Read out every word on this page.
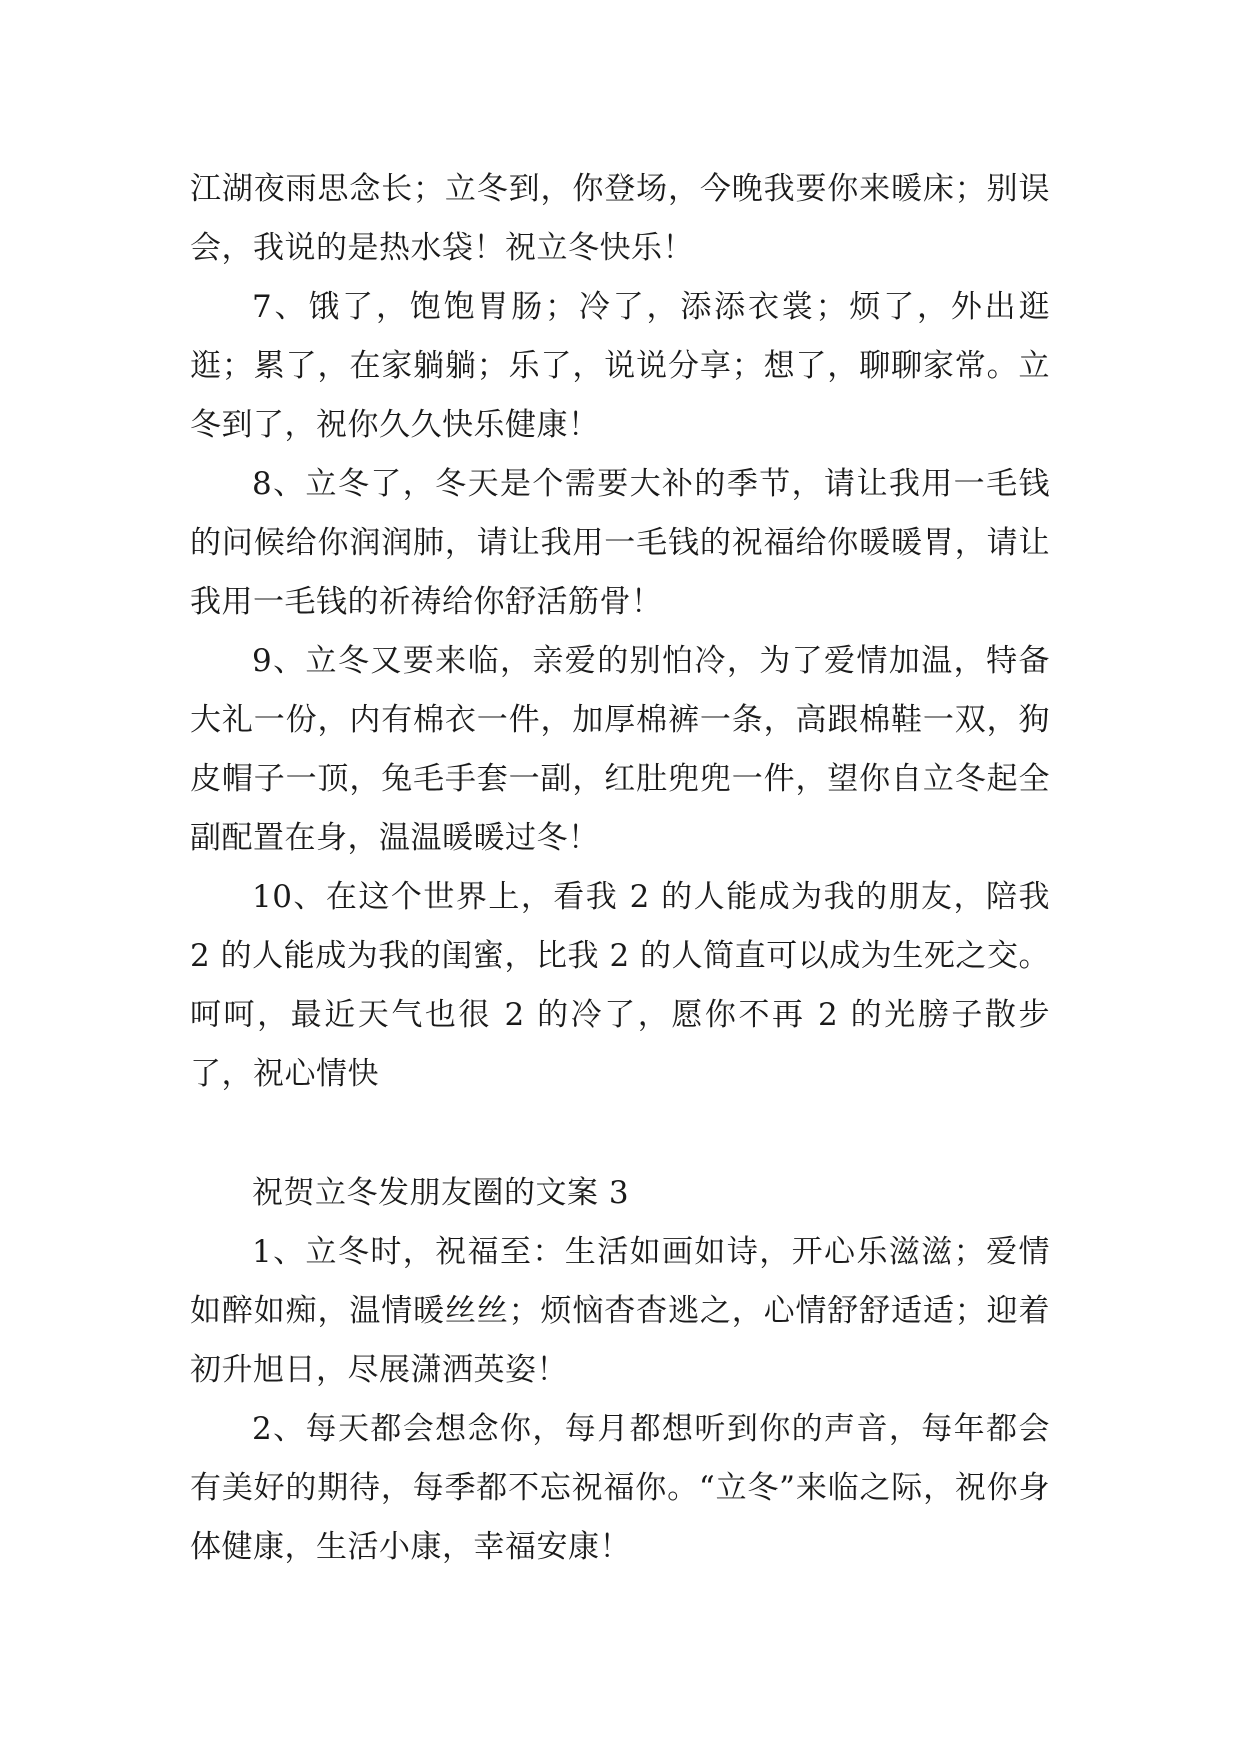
江湖夜雨思念长；立冬到，你登场，今晚我要你来暖床；别误会，我说的是热水袋！祝立冬快乐！

7、饿了，饱饱胃肠；冷了，添添衣裳；烦了，外出逛逛；累了，在家躺躺；乐了，说说分享；想了，聊聊家常。立冬到了，祝你久久快乐健康！

8、立冬了，冬天是个需要大补的季节，请让我用一毛钱的问候给你润润肺，请让我用一毛钱的祝福给你暖暖胃，请让我用一毛钱的祈祷给你舒活筋骨！

9、立冬又要来临，亲爱的别怕冷，为了爱情加温，特备大礼一份，内有棉衣一件，加厚棉裤一条，高跟棉鞋一双，狗皮帽子一顶，兔毛手套一副，红肚兜兜一件，望你自立冬起全副配置在身，温温暖暖过冬！

10、在这个世界上，看我 2 的人能成为我的朋友，陪我 2 的人能成为我的闺蜜，比我 2 的人简直可以成为生死之交。呵呵，最近天气也很 2 的冷了，愿你不再 2 的光膀子散步了，祝心情快

祝贺立冬发朋友圈的文案 3

1、立冬时，祝福至：生活如画如诗，开心乐滋滋；爱情如醉如痴，温情暖丝丝；烦恼杳杳逃之，心情舒舒适适；迎着初升旭日，尽展潇洒英姿！

2、每天都会想念你，每月都想听到你的声音，每年都会有美好的期待，每季都不忘祝福你。“立冬”来临之际，祝你身体健康，生活小康，幸福安康！
